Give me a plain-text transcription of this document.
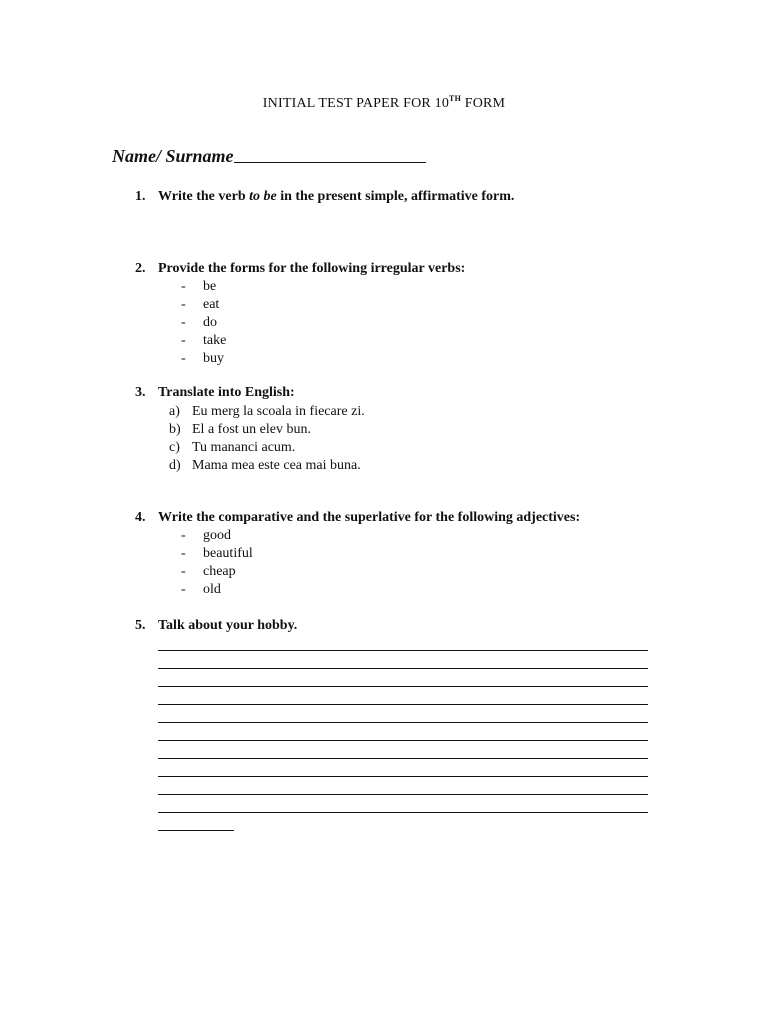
INITIAL TEST PAPER FOR 10TH FORM
Name/ Surname
1. Write the verb to be in the present simple, affirmative form.
2. Provide the forms for the following irregular verbs:
- be
- eat
- do
- take
- buy
3. Translate into English:
a) Eu merg la scoala in fiecare zi.
b) El a fost un elev bun.
c) Tu mananci acum.
d) Mama mea este cea mai buna.
4. Write the comparative and the superlative for the following adjectives:
- good
- beautiful
- cheap
- old
5. Talk about your hobby.
